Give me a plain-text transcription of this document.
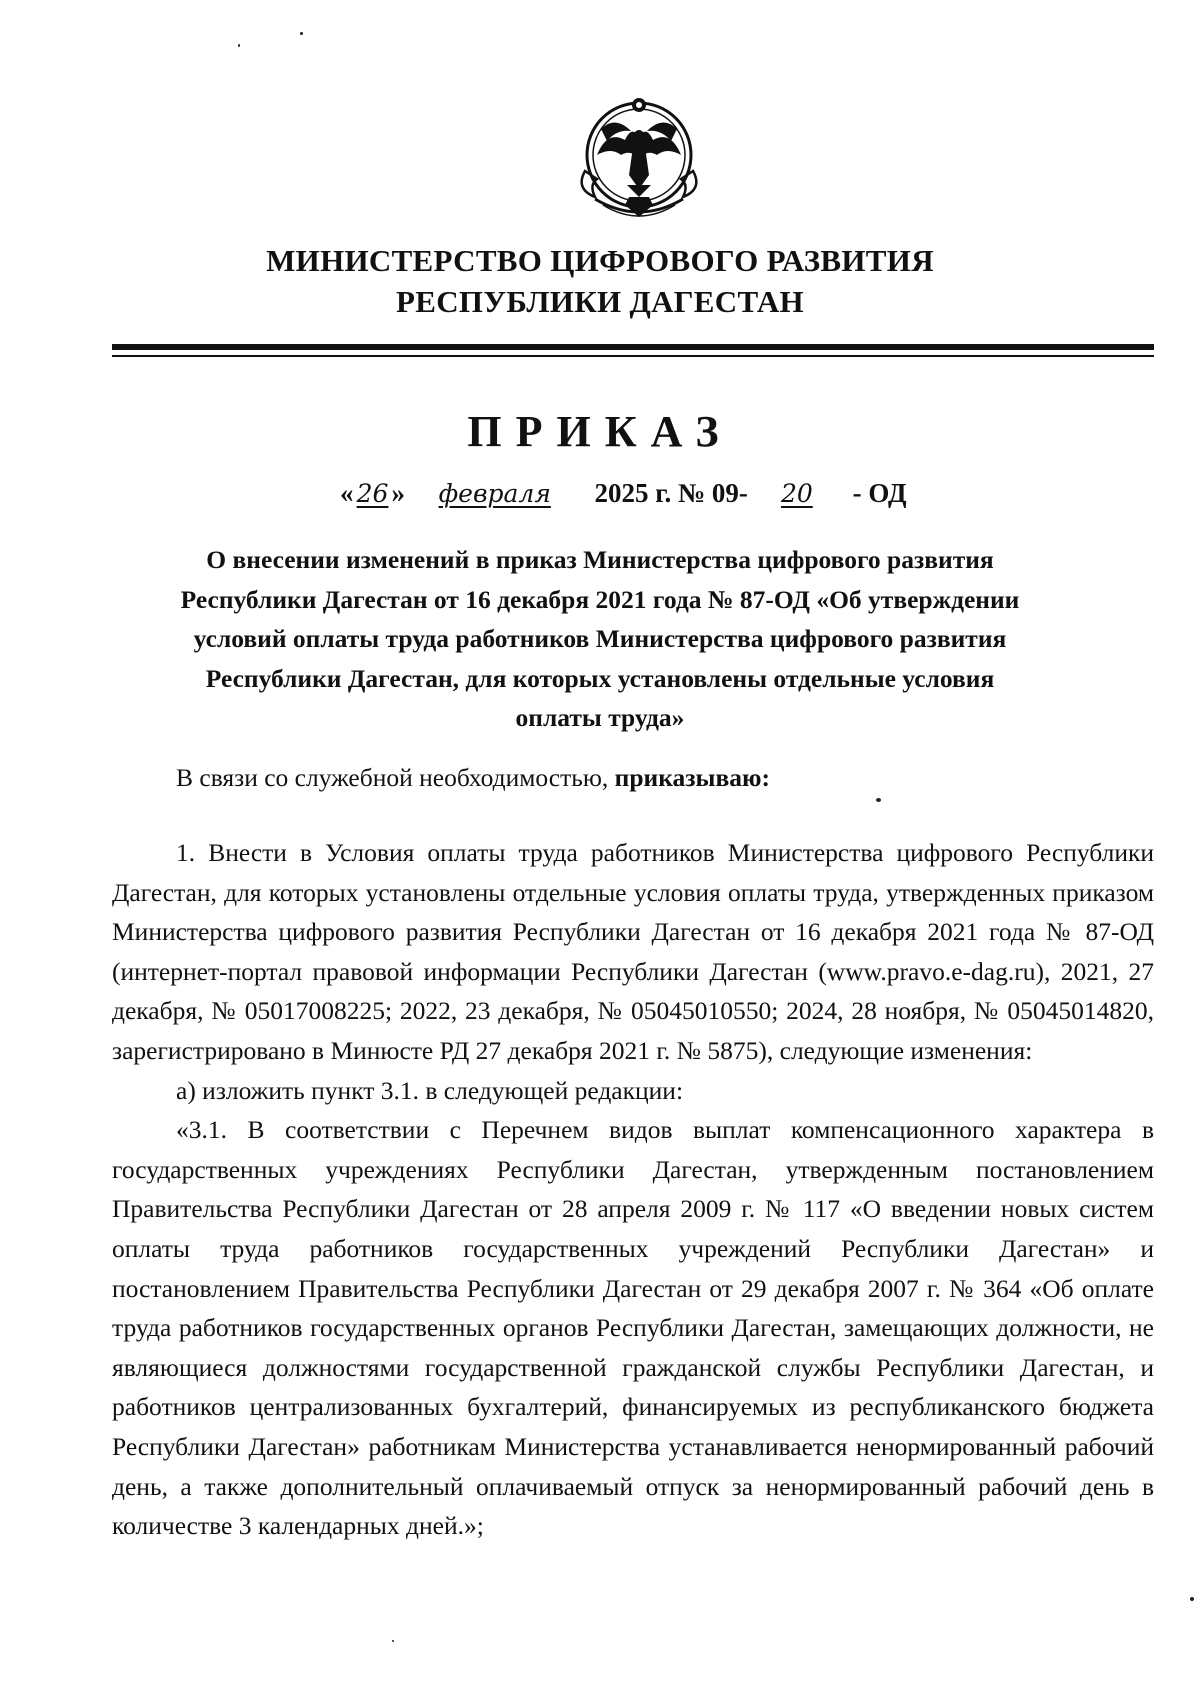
МИНИСТЕРСТВО ЦИФРОВОГО РАЗВИТИЯ
РЕСПУБЛИКИ ДАГЕСТАН
ПРИКАЗ
« 26 » февраля 2025 г. № 09- 20 - ОД
О внесении изменений в приказ Министерства цифрового развития
Республики Дагестан от 16 декабря 2021 года № 87-ОД «Об утверждении
условий оплаты труда работников Министерства цифрового развития
Республики Дагестан, для которых установлены отдельные условия
оплаты труда»
В связи со служебной необходимостью, приказываю:

1. Внести в Условия оплаты труда работников Министерства цифрового Республики Дагестан, для которых установлены отдельные условия оплаты труда, утвержденных приказом Министерства цифрового развития Республики Дагестан от 16 декабря 2021 года № 87-ОД (интернет-портал правовой информации Республики Дагестан (www.pravo.e-dag.ru), 2021, 27 декабря, № 05017008225; 2022, 23 декабря, № 05045010550; 2024, 28 ноября, № 05045014820, зарегистрировано в Минюсте РД 27 декабря 2021 г. № 5875), следующие изменения:

а) изложить пункт 3.1. в следующей редакции:

«3.1. В соответствии с Перечнем видов выплат компенсационного характера в государственных учреждениях Республики Дагестан, утвержденным постановлением Правительства Республики Дагестан от 28 апреля 2009 г. № 117 «О введении новых систем оплаты труда работников государственных учреждений Республики Дагестан» и постановлением Правительства Республики Дагестан от 29 декабря 2007 г. № 364 «Об оплате труда работников государственных органов Республики Дагестан, замещающих должности, не являющиеся должностями государственной гражданской службы Республики Дагестан, и работников централизованных бухгалтерий, финансируемых из республиканского бюджета Республики Дагестан» работникам Министерства устанавливается ненормированный рабочий день, а также дополнительный оплачиваемый отпуск за ненормированный рабочий день в количестве 3 календарных дней.»;
